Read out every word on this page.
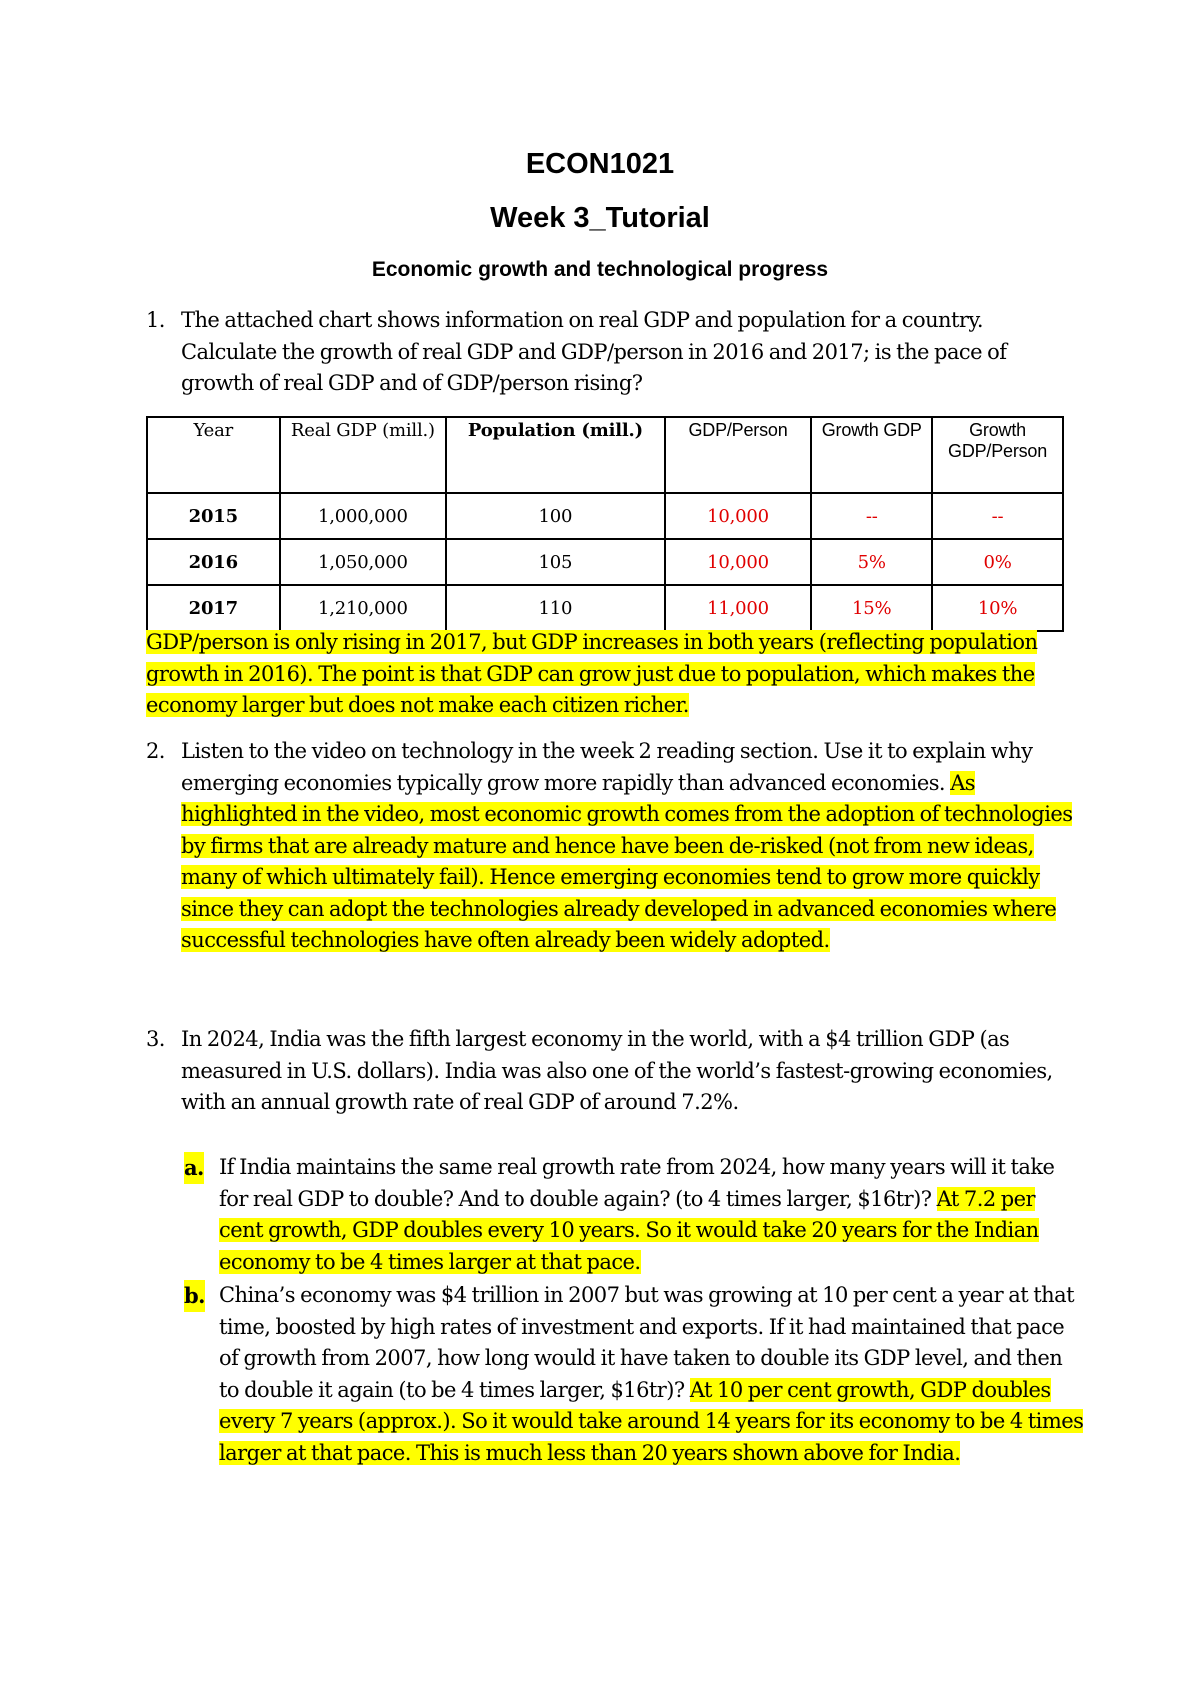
ECON1021
Week 3_Tutorial
Economic growth and technological progress
1. The attached chart shows information on real GDP and population for a country. Calculate the growth of real GDP and GDP/person in 2016 and 2017; is the pace of growth of real GDP and of GDP/person rising?
Year	Real GDP (mill.)	Population (mill.)	GDP/Person	Growth GDP	Growth GDP/Person
2015	1,000,000	100	10,000	--	--
2016	1,050,000	105	10,000	5%	0%
2017	1,210,000	110	11,000	15%	10%
GDP/person is only rising in 2017, but GDP increases in both years (reflecting population growth in 2016). The point is that GDP can grow just due to population, which makes the economy larger but does not make each citizen richer.
2. Listen to the video on technology in the week 2 reading section. Use it to explain why emerging economies typically grow more rapidly than advanced economies. As highlighted in the video, most economic growth comes from the adoption of technologies by firms that are already mature and hence have been de-risked (not from new ideas, many of which ultimately fail). Hence emerging economies tend to grow more quickly since they can adopt the technologies already developed in advanced economies where successful technologies have often already been widely adopted.
3. In 2024, India was the fifth largest economy in the world, with a $4 trillion GDP (as measured in U.S. dollars). India was also one of the world’s fastest-growing economies, with an annual growth rate of real GDP of around 7.2%.
a. If India maintains the same real growth rate from 2024, how many years will it take for real GDP to double? And to double again? (to 4 times larger, $16tr)? At 7.2 per cent growth, GDP doubles every 10 years. So it would take 20 years for the Indian economy to be 4 times larger at that pace.
b. China’s economy was $4 trillion in 2007 but was growing at 10 per cent a year at that time, boosted by high rates of investment and exports. If it had maintained that pace of growth from 2007, how long would it have taken to double its GDP level, and then to double it again (to be 4 times larger, $16tr)? At 10 per cent growth, GDP doubles every 7 years (approx.). So it would take around 14 years for its economy to be 4 times larger at that pace. This is much less than 20 years shown above for India.
